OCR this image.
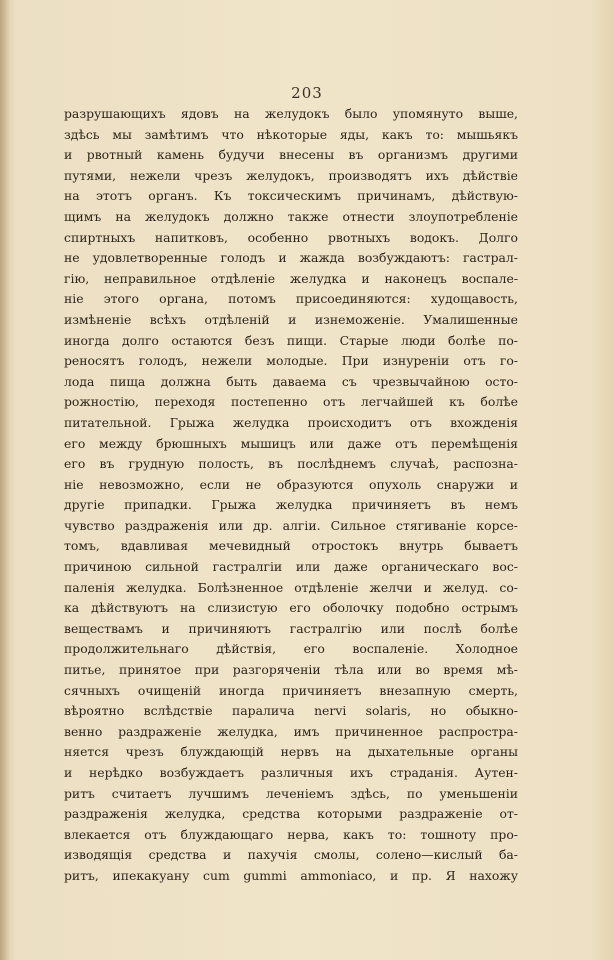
203
разрушающихъ ядовъ на желудокъ было упомянуто выше,
здѣсь мы замѣтимъ что нѣкоторые яды, какъ то: мышьякъ
и рвотный камень будучи внесены въ организмъ другими
путями, нежели чрезъ желудокъ, производятъ ихъ дѣйствіе
на этотъ органъ. Къ токсическимъ причинамъ, дѣйствую-
щимъ на желудокъ должно также отнести злоупотребленіе
спиртныхъ напитковъ, особенно рвотныхъ водокъ. Долго
не удовлетворенные голодъ и жажда возбуждаютъ: гастрал-
гію, неправильное отдѣленіе желудка и наконецъ воспале-
ніе этого органа, потомъ присоединяются: худощавость,
измѣненіе всѣхъ отдѣленій и изнеможеніе. Умалишенные
иногда долго остаются безъ пищи. Старые люди болѣе по-
реносятъ голодъ, нежели молодые. При изнуреніи отъ го-
лода пища должна быть даваема съ чрезвычайною осто-
рожностію, переходя постепенно отъ легчайшей къ болѣе
питательной. Грыжа желудка происходитъ отъ вхожденія
его между брюшныхъ мышицъ или даже отъ перемѣщенія
его въ грудную полость, въ послѣднемъ случаѣ, распозна-
ніе невозможно, если не образуются опухоль снаружи и
другіе припадки. Грыжа желудка причиняетъ въ немъ
чувство раздраженія или др. алгіи. Сильное стягиваніе корсе-
томъ, вдавливая мечевидный отростокъ внутрь бываетъ
причиною сильной гастралгіи или даже органическаго вос-
паленія желудка. Болѣзненное отдѣленіе желчи и желуд. со-
ка дѣйствуютъ на слизистую его оболочку подобно острымъ
веществамъ и причиняютъ гастралгію или послѣ болѣе
продолжительнаго дѣйствія, его воспаленіе. Холодное
питье, принятое при разгоряченіи тѣла или во время мѣ-
сячныхъ очищеній иногда причиняетъ внезапную смерть,
вѣроятно вслѣдствіе паралича nervi solaris, но обыкно-
венно раздраженіе желудка, имъ причиненное распростра-
няется чрезъ блуждающій нервъ на дыхательные органы
и нерѣдко возбуждаетъ различныя ихъ страданія. Аутен-
ритъ считаетъ лучшимъ леченіемъ здѣсь, по уменьшеніи
раздраженія желудка, средства которыми раздраженіе от-
влекается отъ блуждающаго нерва, какъ то: тошноту про-
изводящія средства и пахучія смолы, солено—кислый ба-
ритъ, ипекакуану cum gummi ammoniaco, и пр. Я нахожу
